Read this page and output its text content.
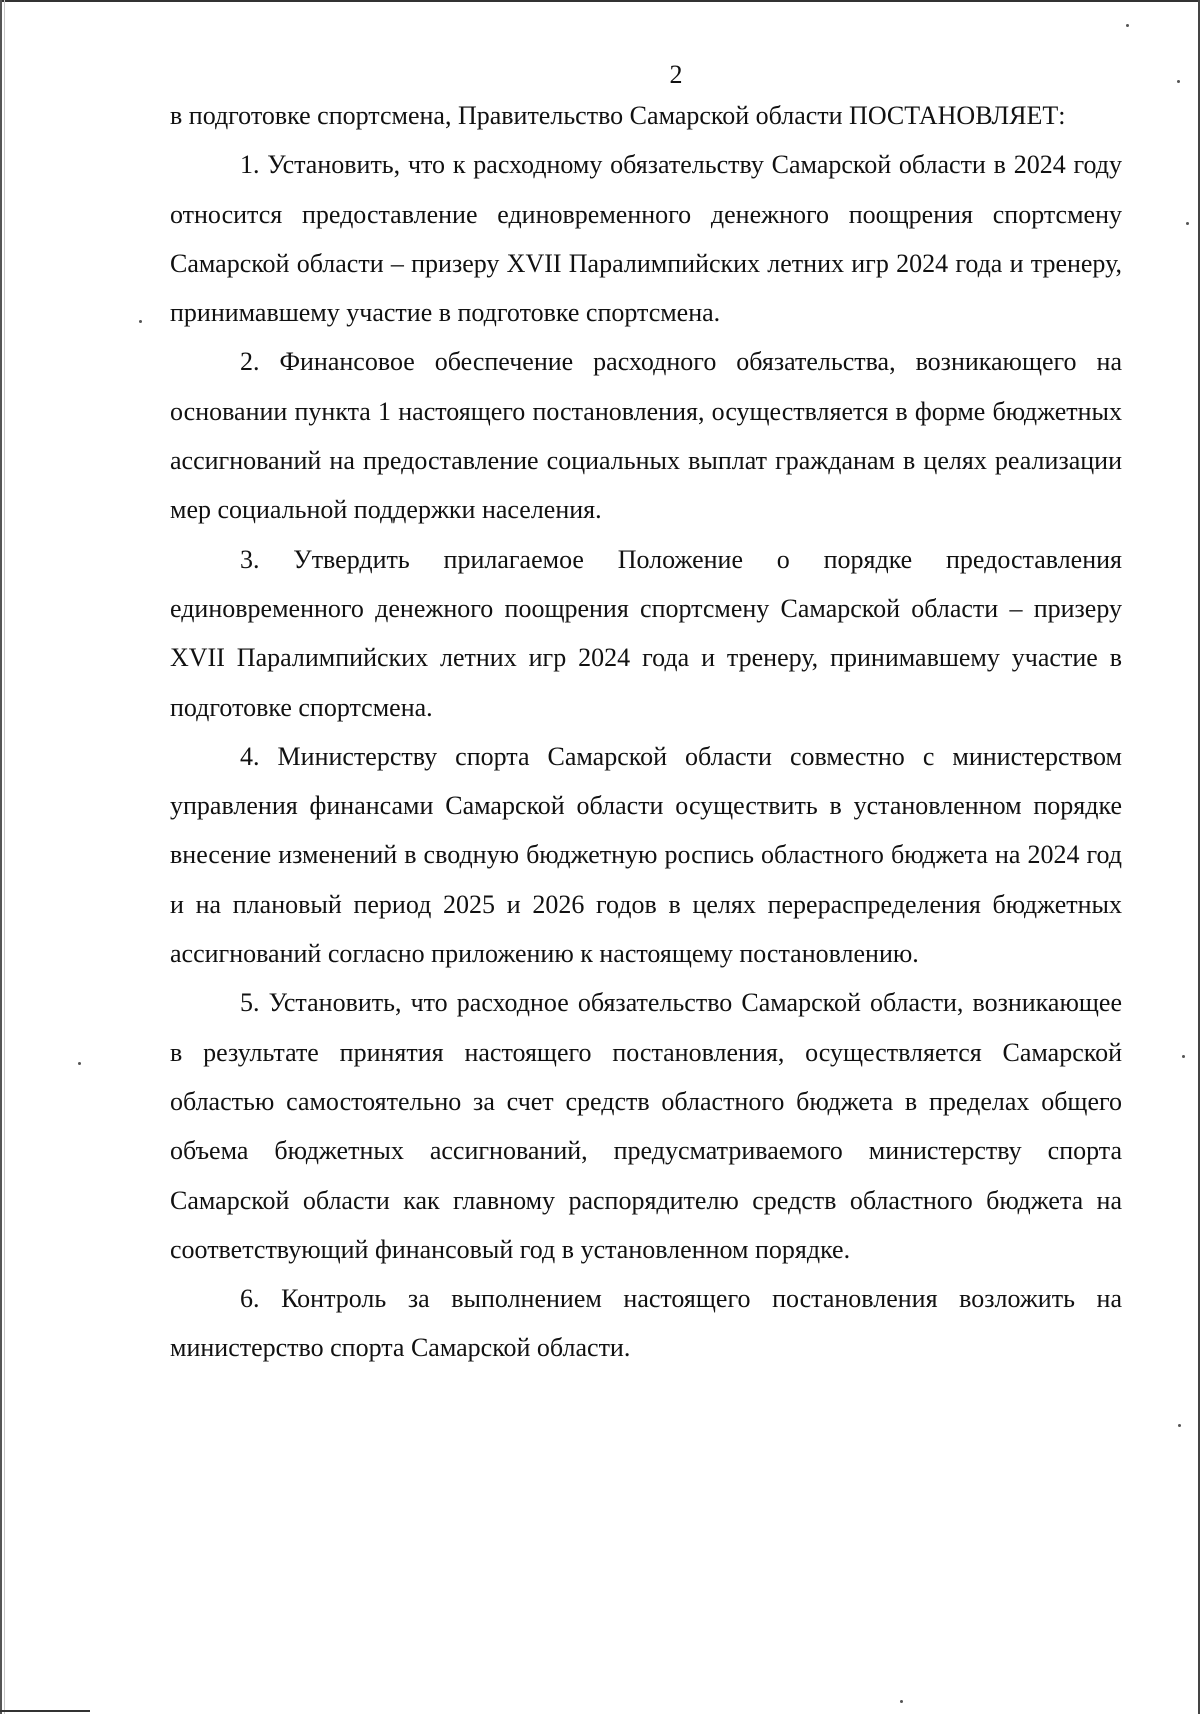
2

в подготовке спортсмена, Правительство Самарской области ПОСТАНОВЛЯЕТ:

1. Установить, что к расходному обязательству Самарской области в 2024 году относится предоставление единовременного денежного поощрения спортсмену Самарской области – призеру XVII Паралимпийских летних игр 2024 года и тренеру, принимавшему участие в подготовке спортсмена.

2. Финансовое обеспечение расходного обязательства, возникающего на основании пункта 1 настоящего постановления, осуществляется в форме бюджетных ассигнований на предоставление социальных выплат гражданам в целях реализации мер социальной поддержки населения.

3. Утвердить прилагаемое Положение о порядке предоставления единовременного денежного поощрения спортсмену Самарской области – призеру XVII Паралимпийских летних игр 2024 года и тренеру, принимавшему участие в подготовке спортсмена.

4. Министерству спорта Самарской области совместно с министерством управления финансами Самарской области осуществить в установленном порядке внесение изменений в сводную бюджетную роспись областного бюджета на 2024 год и на плановый период 2025 и 2026 годов в целях перераспределения бюджетных ассигнований согласно приложению к настоящему постановлению.

5. Установить, что расходное обязательство Самарской области, возникающее в результате принятия настоящего постановления, осуществляется Самарской областью самостоятельно за счет средств областного бюджета в пределах общего объема бюджетных ассигнований, предусматриваемого министерству спорта Самарской области как главному распорядителю средств областного бюджета на соответствующий финансовый год в установленном порядке.

6. Контроль за выполнением настоящего постановления возложить на министерство спорта Самарской области.
